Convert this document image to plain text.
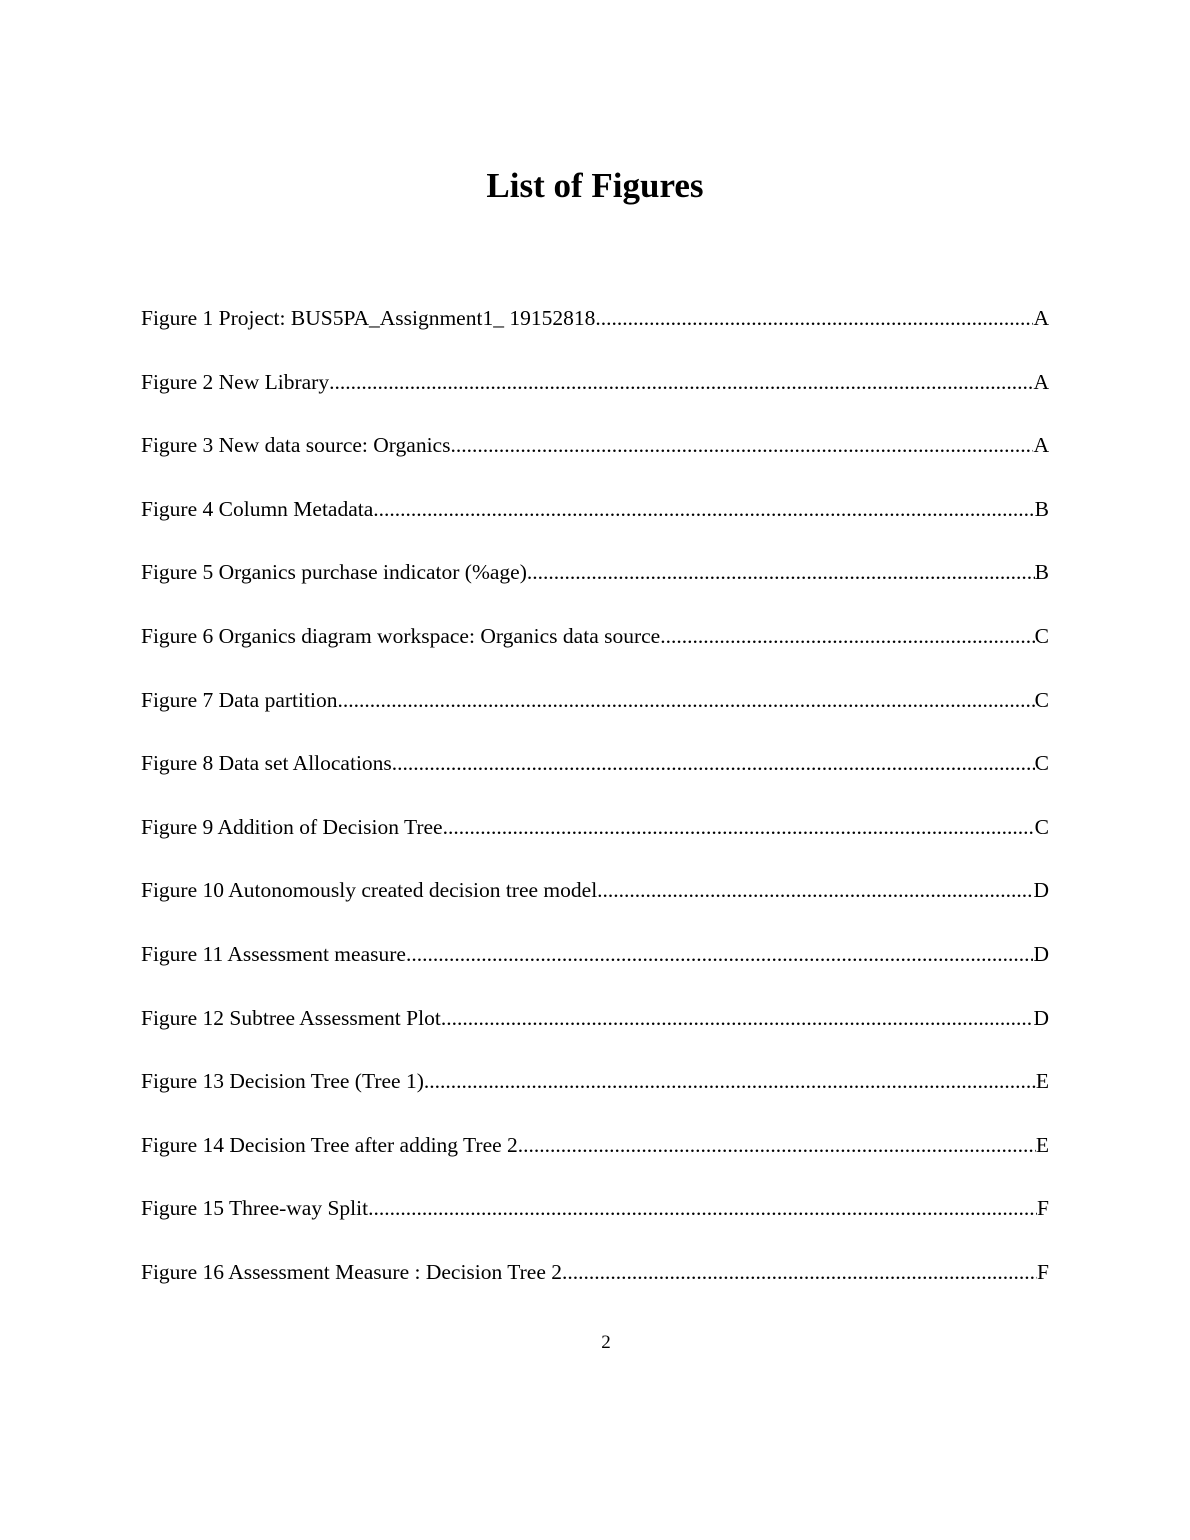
List of Figures
Figure 1 Project: BUS5PA_Assignment1_ 19152818 .....	A
Figure 2 New Library .....	A
Figure 3 New data source: Organics .....	A
Figure 4 Column Metadata .....	B
Figure 5 Organics purchase indicator (%age) .....	B
Figure 6 Organics diagram workspace: Organics data source .....	C
Figure 7 Data partition .....	C
Figure 8 Data set Allocations .....	C
Figure 9 Addition of Decision Tree .....	C
Figure 10 Autonomously created decision tree model .....	D
Figure 11 Assessment measure .....	D
Figure 12 Subtree Assessment Plot .....	D
Figure 13 Decision Tree (Tree 1) .....	E
Figure 14 Decision Tree after adding Tree 2 .....	E
Figure 15 Three-way Split .....	F
Figure 16 Assessment Measure : Decision Tree 2 .....	F
2
